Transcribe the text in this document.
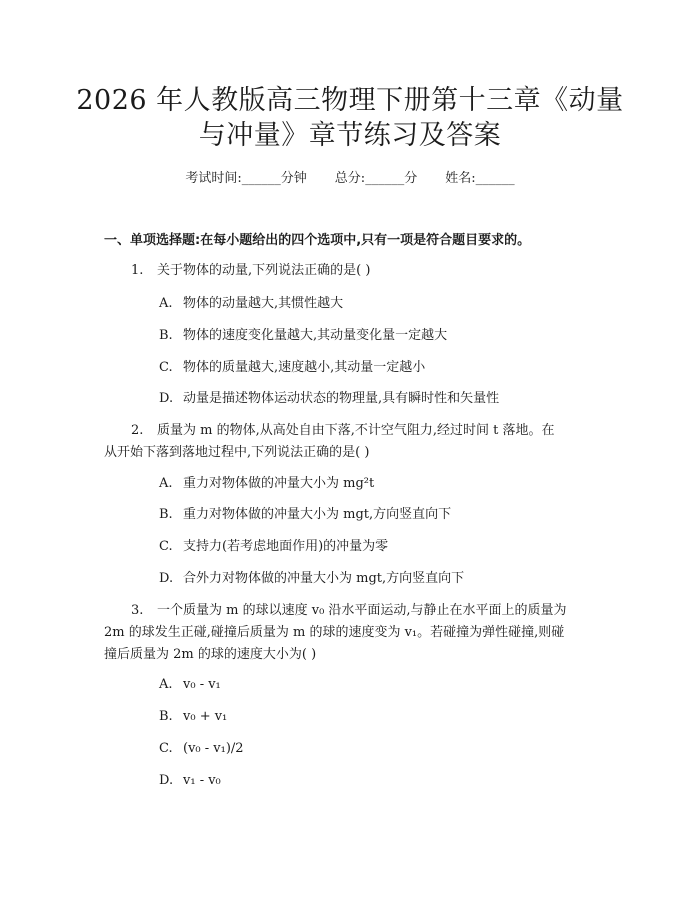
2026 年人教版高三物理下册第十三章《动量
与冲量》章节练习及答案
考试时间:______分钟 总分:______分 姓名:______
一、单项选择题:在每小题给出的四个选项中,只有一项是符合题目要求的。
1. 关于物体的动量,下列说法正确的是( )
A. 物体的动量越大,其惯性越大
B. 物体的速度变化量越大,其动量变化量一定越大
C. 物体的质量越大,速度越小,其动量一定越小
D. 动量是描述物体运动状态的物理量,具有瞬时性和矢量性
2. 质量为 m 的物体,从高处自由下落,不计空气阻力,经过时间 t 落地。在
从开始下落到落地过程中,下列说法正确的是( )
A. 重力对物体做的冲量大小为 mg²t
B. 重力对物体做的冲量大小为 mgt,方向竖直向下
C. 支持力(若考虑地面作用)的冲量为零
D. 合外力对物体做的冲量大小为 mgt,方向竖直向下
3. 一个质量为 m 的球以速度 v₀ 沿水平面运动,与静止在水平面上的质量为
2m 的球发生正碰,碰撞后质量为 m 的球的速度变为 v₁。若碰撞为弹性碰撞,则碰
撞后质量为 2m 的球的速度大小为( )
A. v₀ - v₁
B. v₀ + v₁
C. (v₀ - v₁)/2
D. v₁ - v₀
